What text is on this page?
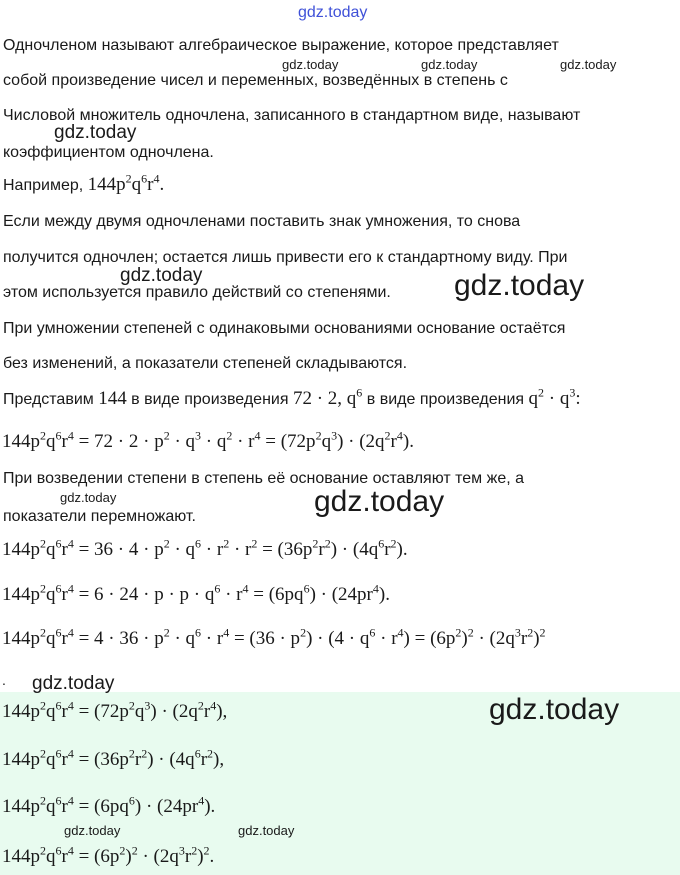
gdz.today
gdz.today	gdz.today	gdz.today
gdz.today
gdz.today	gdz.today
gdz.today	gdz.today
Одночленом называют алгебраическое выражение, которое представляет
собой произведение чисел и переменных, возведённых в степень с
Числовой множитель одночлена, записанного в стандартном виде, называют
коэффициентом одночлена.
Например, $144p^2q^6r^4$.
Если между двумя одночленами поставить знак умножения, то снова
получится одночлен; остается лишь привести его к стандартному виду. При
этом используется правило действий со степенями.
При умножении степеней с одинаковыми основаниями основание остаётся
без изменений, а показатели степеней складываются.
Представим 144 в виде произведения 72 · 2, $q^6$ в виде произведения $q^2 \cdot q^3$:
$144p^2q^6r^4 = 72 \cdot 2 \cdot p^2 \cdot q^3 \cdot q^2 \cdot r^4 = (72p^2q^3) \cdot (2q^2r^4)$.
При возведении степени в степень её основание оставляют тем же, а
показатели перемножают.
$144p^2q^6r^4 = 36 \cdot 4 \cdot p^2 \cdot q^6 \cdot r^2 \cdot r^2 = (36p^2r^2) \cdot (4q^6r^2)$.
$144p^2q^6r^4 = 6 \cdot 24 \cdot p \cdot p \cdot q^6 \cdot r^4 = (6pq^6) \cdot (24pr^4)$.
$144p^2q^6r^4 = 4 \cdot 36 \cdot p^2 \cdot q^6 \cdot r^4 = (36 \cdot p^2) \cdot (4 \cdot q^6 \cdot r^4) = (6p^2)^2 \cdot (2q^3r^2)^2$
. gdz.today
gdz.today
$144p^2q^6r^4 = (72p^2q^3) \cdot (2q^2r^4)$,
$144p^2q^6r^4 = (36p^2r^2) \cdot (4q^6r^2)$,
$144p^2q^6r^4 = (6pq^6) \cdot (24pr^4)$.
gdz.today	gdz.today
$144p^2q^6r^4 = (6p^2)^2 \cdot (2q^3r^2)^2$.
